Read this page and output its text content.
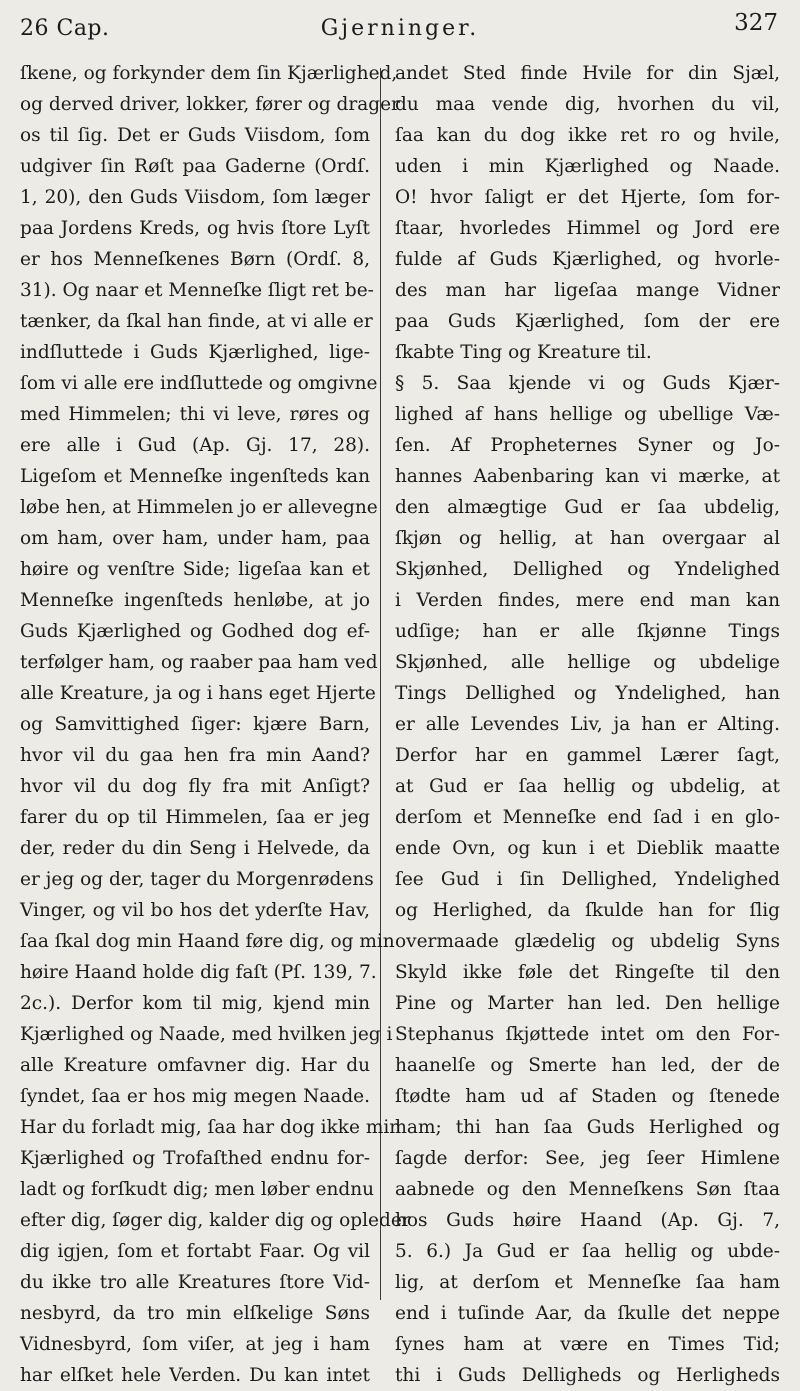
26 Cap.	Gjerninger.	327
ſkene, og forkynder dem ſin Kjærlighed,
og derved driver, lokker, fører og drager
os til ſig. Det er Guds Viisdom, ſom
udgiver ſin Røſt paa Gaderne (Ordſ.
1, 20), den Guds Viisdom, ſom læger
paa Jordens Kreds, og hvis ſtore Lyſt
er hos Menneſkenes Børn (Ordſ. 8,
31). Og naar et Menneſke ſligt ret be-
tænker, da ſkal han finde, at vi alle er
indſluttede i Guds Kjærlighed, lige-
ſom vi alle ere indſluttede og omgivne
med Himmelen; thi vi leve, røres og
ere alle i Gud (Ap. Gj. 17, 28).
Ligeſom et Menneſke ingenſteds kan
løbe hen, at Himmelen jo er allevegne
om ham, over ham, under ham, paa
høire og venſtre Side; ligeſaa kan et
Menneſke ingenſteds henløbe, at jo
Guds Kjærlighed og Godhed dog ef-
terfølger ham, og raaber paa ham ved
alle Kreature, ja og i hans eget Hjerte
og Samvittighed ſiger: kjære Barn,
hvor vil du gaa hen fra min Aand?
hvor vil du dog fly fra mit Anſigt?
farer du op til Himmelen, ſaa er jeg
der, reder du din Seng i Helvede, da
er jeg og der, tager du Morgenrødens
Vinger, og vil bo hos det yderſte Hav,
ſaa ſkal dog min Haand føre dig, og min
høire Haand holde dig faſt (Pſ. 139, 7.
2c.). Derfor kom til mig, kjend min
Kjærlighed og Naade, med hvilken jeg i
alle Kreature omfavner dig. Har du
ſyndet, ſaa er hos mig megen Naade.
Har du forladt mig, ſaa har dog ikke min
Kjærlighed og Trofaſthed endnu for-
ladt og forſkudt dig; men løber endnu
efter dig, ſøger dig, kalder dig og opleder
dig igjen, ſom et fortabt Faar. Og vil
du ikke tro alle Kreatures ſtore Vid-
nesbyrd, da tro min elſkelige Søns
Vidnesbyrd, ſom viſer, at jeg i ham
har elſket hele Verden. Du kan intet
andet Sted finde Hvile for din Sjæl,
du maa vende dig, hvorhen du vil,
ſaa kan du dog ikke ret ro og hvile,
uden i min Kjærlighed og Naade.
O! hvor ſaligt er det Hjerte, ſom for-
ſtaar, hvorledes Himmel og Jord ere
fulde af Guds Kjærlighed, og hvorle-
des man har ligeſaa mange Vidner
paa Guds Kjærlighed, ſom der ere
ſkabte Ting og Kreature til.
§ 5. Saa kjende vi og Guds Kjær-
lighed af hans hellige og ubellige Væ-
ſen. Af Propheternes Syner og Jo-
hannes Aabenbaring kan vi mærke, at
den almægtige Gud er ſaa ubdelig,
ſkjøn og hellig, at han overgaar al
Skjønhed, Dellighed og Yndelighed
i Verden findes, mere end man kan
udſige; han er alle ſkjønne Tings
Skjønhed, alle hellige og ubdelige
Tings Dellighed og Yndelighed, han
er alle Levendes Liv, ja han er Alting.
Derfor har en gammel Lærer ſagt,
at Gud er ſaa hellig og ubdelig, at
derſom et Menneſke end ſad i en glo-
ende Ovn, og kun i et Dieblik maatte
ſee Gud i ſin Dellighed, Yndelighed
og Herlighed, da ſkulde han for ſlig
overmaade glædelig og ubdelig Syns
Skyld ikke føle det Ringeſte til den
Pine og Marter han led. Den hellige
Stephanus ſkjøttede intet om den For-
haanelſe og Smerte han led, der de
ſtødte ham ud af Staden og ſtenede
ham; thi han ſaa Guds Herlighed og
ſagde derfor: See, jeg ſeer Himlene
aabnede og den Menneſkens Søn ſtaa
hos Guds høire Haand (Ap. Gj. 7,
5. 6.) Ja Gud er ſaa hellig og ubde-
lig, at derſom et Menneſke ſaa ham
end i tuſinde Aar, da ſkulle det neppe
ſynes ham at være en Times Tid;
thi i Guds Delligheds og Herligheds
